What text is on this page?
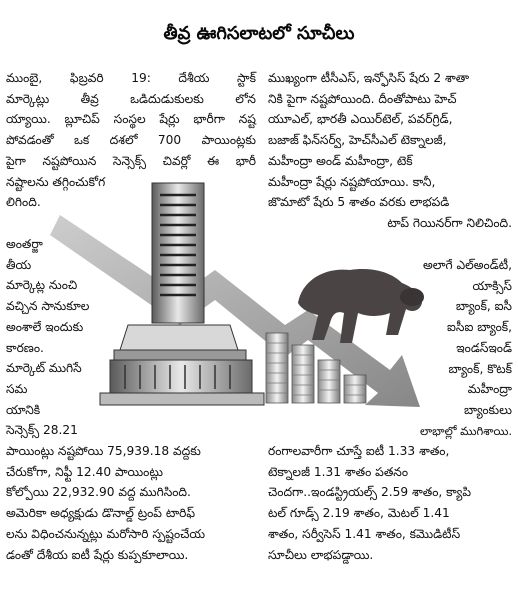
తీవ్ర ఊగిసలాటలో సూచీలు

ముంబై, ఫిబ్రవరి 19: దేశీయ స్టాక్

మార్కెట్లు తీవ్ర ఒడిదుడుకులకు లోన

య్యాయి. బ్లూచిప్ సంస్థల షేర్లు భారీగా నష్ట

పోవడంతో ఒక దశలో 700 పాయింట్లకు

పైగా నష్టపోయిన సెన్సెక్స్ చివర్లో ఈ భారీ

నష్టాలను తగ్గించుకోగ

లిగింది.

అంతర్జా

తీయ

మార్కెట్ల నుంచి

వచ్చిన సానుకూల

అంశాలే ఇందుకు

కారణం.

మార్కెట్ ముగిసే

సమ

యానికి

సెన్సెక్స్ 28.21

పాయింట్లు నష్టపోయి 75,939.18 వద్దకు

చేరుకోగా, నిఫ్టీ 12.40 పాయింట్లు

కోల్పోయి 22,932.90 వద్ద ముగిసింది.

అమెరికా అధ్యక్షుడు డొనాల్డ్ ట్రంప్ టారిఫ్

లను విధించనున్నట్లు మరోసారి స్పష్టంచేయ

డంతో దేశీయ ఐటీ షేర్లు కుప్పకూలాయి.

ముఖ్యంగా టీసీఎస్, ఇన్ఫోసిస్ షేరు 2 శాతా

నికి పైగా నష్టపోయింది. దీంతోపాటు హెచ్

యూఎల్, భారతీ ఎయిర్‌టెల్, పవర్‌గ్రిడ్,

బజాజ్ ఫిన్‌సర్వ్, హెచ్‌సీఎల్ టెక్నాలజీ,

మహీంద్రా అండ్ మహీంద్రా, టెక్

మహీంద్రా షేర్లు నష్టపోయాయి. కానీ,

జొమాటో షేరు 5 శాతం వరకు లాభపడి

టాప్ గెయినర్‌గా నిలిచింది.

అలాగే ఎల్‌అండ్‌టీ,

యాక్సిస్

బ్యాంక్, ఐసీ

ఐసీఐ బ్యాంక్,

ఇండస్‌ఇండ్

బ్యాంక్, కొటక్

మహీంద్రా

బ్యాంకులు

లాభాల్లో ముగిశాయి.

రంగాలవారీగా చూస్తే ఐటీ 1.33 శాతం,

టెక్నాలజీ 1.31 శాతం పతనం

చెందగా..ఇండస్ట్రియల్స్ 2.59 శాతం, క్యాపి

టల్ గూడ్స్ 2.19 శాతం, మెటల్ 1.41

శాతం, సర్వీసెస్ 1.41 శాతం, కమొడిటీస్

సూచీలు లాభపడ్డాయి.
